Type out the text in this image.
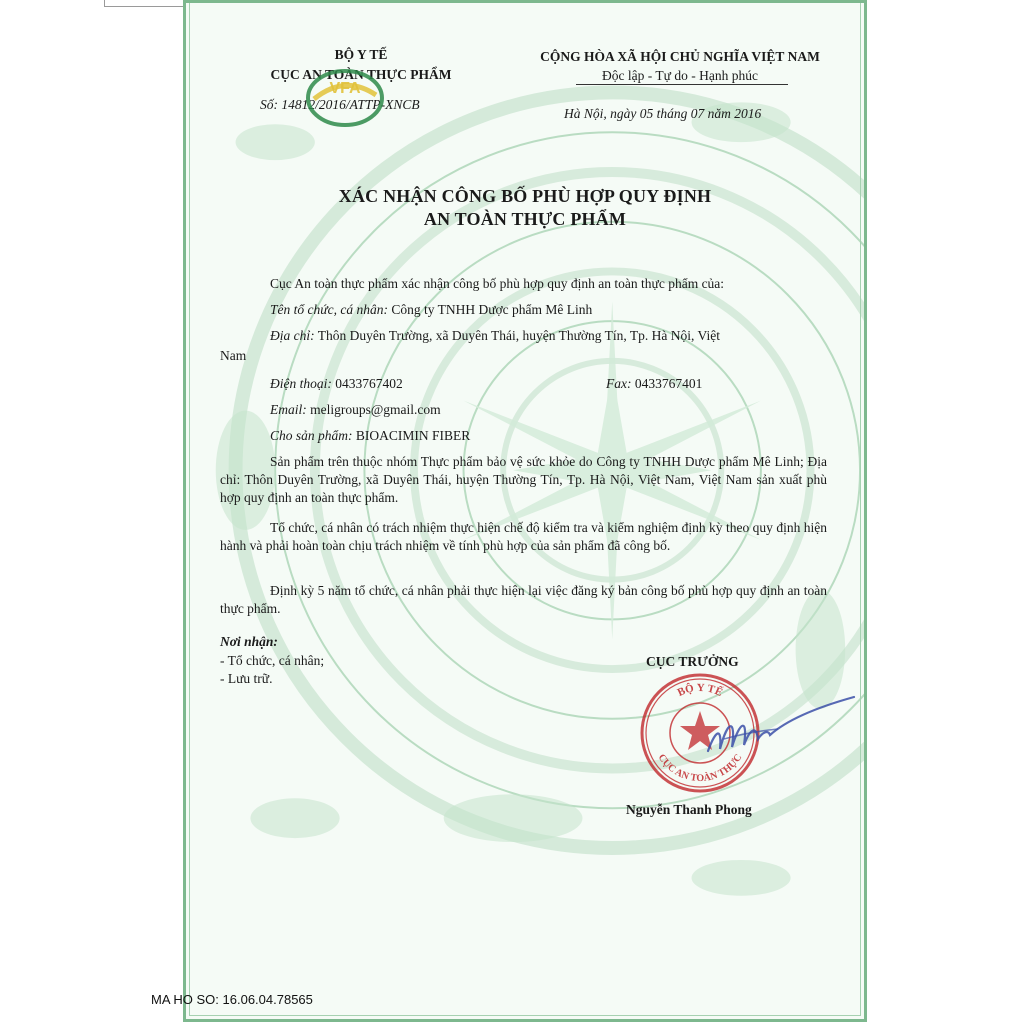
BỘ Y TẾ
CỤC AN TOÀN THỰC PHẨM
Số: 14812/2016/ATTP-XNCB
VFA
CỘNG HÒA XÃ HỘI CHỦ NGHĨA VIỆT NAM
Độc lập - Tự do - Hạnh phúc
Hà Nội, ngày 05 tháng 07 năm 2016
XÁC NHẬN CÔNG BỐ PHÙ HỢP QUY ĐỊNH
AN TOÀN THỰC PHẨM
Cục An toàn thực phẩm xác nhận công bố phù hợp quy định an toàn thực phẩm của:
Tên tổ chức, cá nhân: Công ty TNHH Dược phẩm Mê Linh
Địa chỉ: Thôn Duyên Trường, xã Duyên Thái, huyện Thường Tín, Tp. Hà Nội, Việt
Nam
Điện thoại: 0433767402	Fax: 0433767401
Email: meligroups@gmail.com
Cho sản phẩm: BIOACIMIN FIBER
Sản phẩm trên thuộc nhóm Thực phẩm bảo vệ sức khỏe do Công ty TNHH Dược phẩm Mê Linh; Địa chỉ: Thôn Duyên Trường, xã Duyên Thái, huyện Thường Tín, Tp. Hà Nội, Việt Nam, Việt Nam sản xuất phù hợp quy định an toàn thực phẩm.
Tổ chức, cá nhân có trách nhiệm thực hiện chế độ kiểm tra và kiểm nghiệm định kỳ theo quy định hiện hành và phải hoàn toàn chịu trách nhiệm về tính phù hợp của sản phẩm đã công bố.
Định kỳ 5 năm tổ chức, cá nhân phải thực hiện lại việc đăng ký bản công bố phù hợp quy định an toàn thực phẩm.
Nơi nhận:
- Tổ chức, cá nhân;
- Lưu trữ.
CỤC TRƯỞNG
BỘ Y TẾ
CỤC AN TOÀN THỰC
Nguyễn Thanh Phong
MA HO SO: 16.06.04.78565
